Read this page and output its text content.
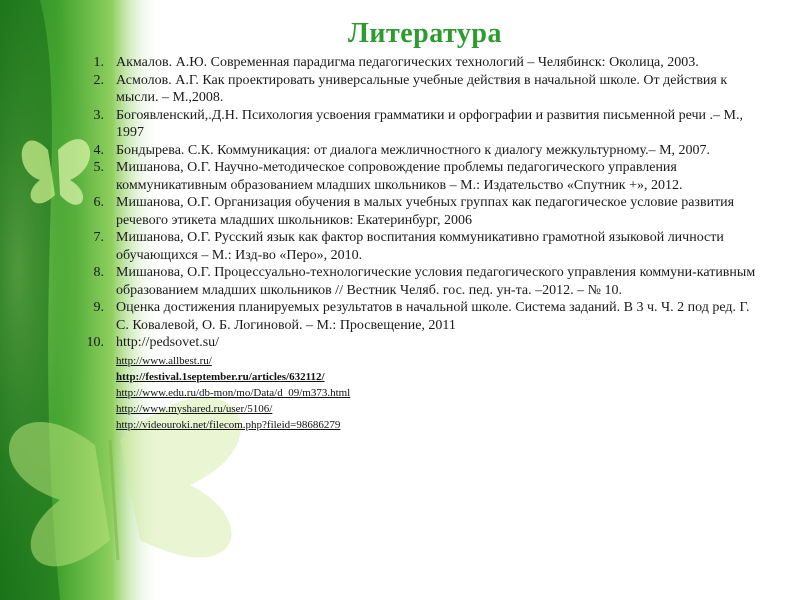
Литература
1. Акмалов. А.Ю. Современная парадигма педагогических технологий – Челябинск: Околица, 2003.
2. Асмолов. А.Г. Как проектировать универсальные учебные действия в начальной школе. От действия к мысли. – М.,2008.
3. Богоявленский,.Д.Н. Психология усвоения грамматики и орфографии и развития письменной речи .– М., 1997
4. Бондырева. С.К. Коммуникация: от диалога межличностного к диалогу межкультурному.– М, 2007.
5. Мишанова, О.Г. Научно-методическое сопровождение проблемы педагогического управления коммуникативным образованием младших школьников – М.: Издательство «Спутник +», 2012.
6. Мишанова, О.Г. Организация обучения в малых учебных группах как педагогическое условие развития речевого этикета младших школьников: Екатеринбург, 2006
7. Мишанова, О.Г. Русский язык как фактор воспитания коммуникативно грамотной языковой личности обучающихся – М.: Изд-во «Перо», 2010.
8. Мишанова, О.Г. Процессуально-технологические условия педагогического управления коммуни-кативным образованием младших школьников // Вестник Челяб. гос. пед. ун-та. –2012. – № 10.
9. Оценка достижения планируемых результатов в начальной школе. Система заданий. В 3 ч. Ч. 2 под ред. Г. С. Ковалевой, О. Б. Логиновой. – М.: Просвещение, 2011
10. http://pedsovet.su/
http://www.allbest.ru/
http://festival.1september.ru/articles/632112/
http://www.edu.ru/db-mon/mo/Data/d_09/m373.html
http://www.myshared.ru/user/5106/
http://videouroki.net/filecom.php?fileid=98686279
